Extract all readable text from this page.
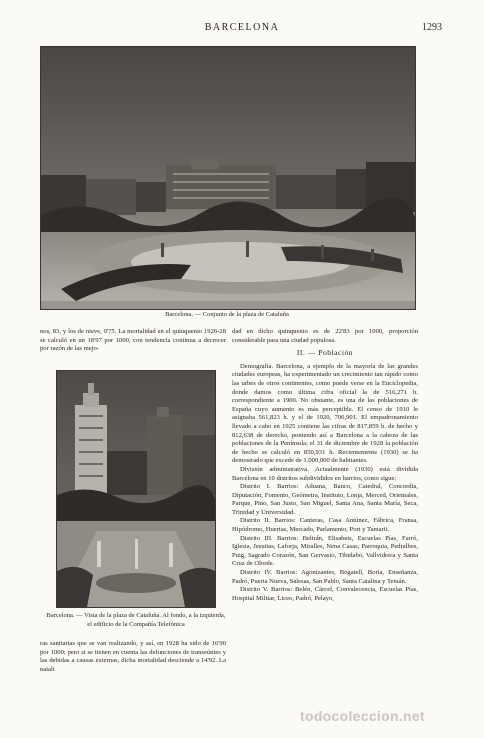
BARCELONA	1293
Barcelona. — Conjunto de la plaza de Cataluña

nos, 83, y los de nieve, 0'75. La mortalidad en el quinquenio 1926-28 se calculó en un 18'97 por 1000, con tendencia continua a decrecer por razón de las mejo-

Barcelona. — Vista de la plaza de Cataluña. Al fondo, a la izquierda, el edificio de la Compañía Telefónica

ras sanitarias que se van realizando, y así, en 1928 ha sido de 16'90 por 1000; pero si se tienen en cuenta las defunciones de transeúntes y las debidas a causas externas, dicha mortalidad desciende a 14'92. La natali

dad en dicho quinquenio es de 22'83 por 1000, proporción considerable para una ciudad populosa.

II. — Población

Demografía. Barcelona, a ejemplo de la mayoría de las grandes ciudades europeas, ha experimentado un crecimiento tan rápido como las urbes de otros continentes, como puede verse en la Enciclopedia, donde damos como última cifra oficial la de 516,271 h. correspondiente a 1900. No obstante, es una de las poblaciones de España cuyo aumento es más perceptible. El censo de 1910 le asignaba 561,823 h. y el de 1920, 706,901. El empadronamiento llevado a cabo en 1925 contiene las cifras de 817,859 h. de hecho y 812,638 de derecho, poniendo así a Barcelona a la cabeza de las poblaciones de la Península; el 31 de diciembre de 1928 la población de hecho se calculó en 850,931 h. Recientemente (1930) se ha demostrado que excede de 1.000,000 de habitantes.

División administrativa. Actualmente (1930) está dividida Barcelona en 10 distritos subdivididos en barrios, como sigue:

Distrito I. Barrios: Aduana, Banco, Catedral, Concordia, Diputación, Fomento, Geómetra, Instituto, Lonja, Merced, Orientales, Parque, Pino, San Justo, San Miguel, Santa Ana, Santa María, Seca, Trinidad y Universidad.

Distrito II. Barrios: Canteras, Casa Antúnez, Fábrica, Fransa, Hipódromo, Huertas, Mercado, Parlamento, Port y Tamarit.

Distrito III. Barrios: Beltrán, Elisabets, Escuelas Pías, Farró, Iglesia, Jesuitas, Laforja, Miralles, Nena Casas, Parroquia, Pedralbes, Puig, Sagrado Corazón, San Gervasio, Tibidabo, Vallvidrera y Santa Cruz de Olorde.

Distrito IV. Barrios: Agonizantes, Bogatell, Boria, Enseñanza, Padró, Puerta Nueva, Salesas, San Pablo, Santa Catalina y Tetuán.

Distrito V. Barrios: Belén, Cárcel, Convalecencia, Escuelas Pías, Hospital Militar, Liceo, Padró, Pelayo,

todocoleccion.net
